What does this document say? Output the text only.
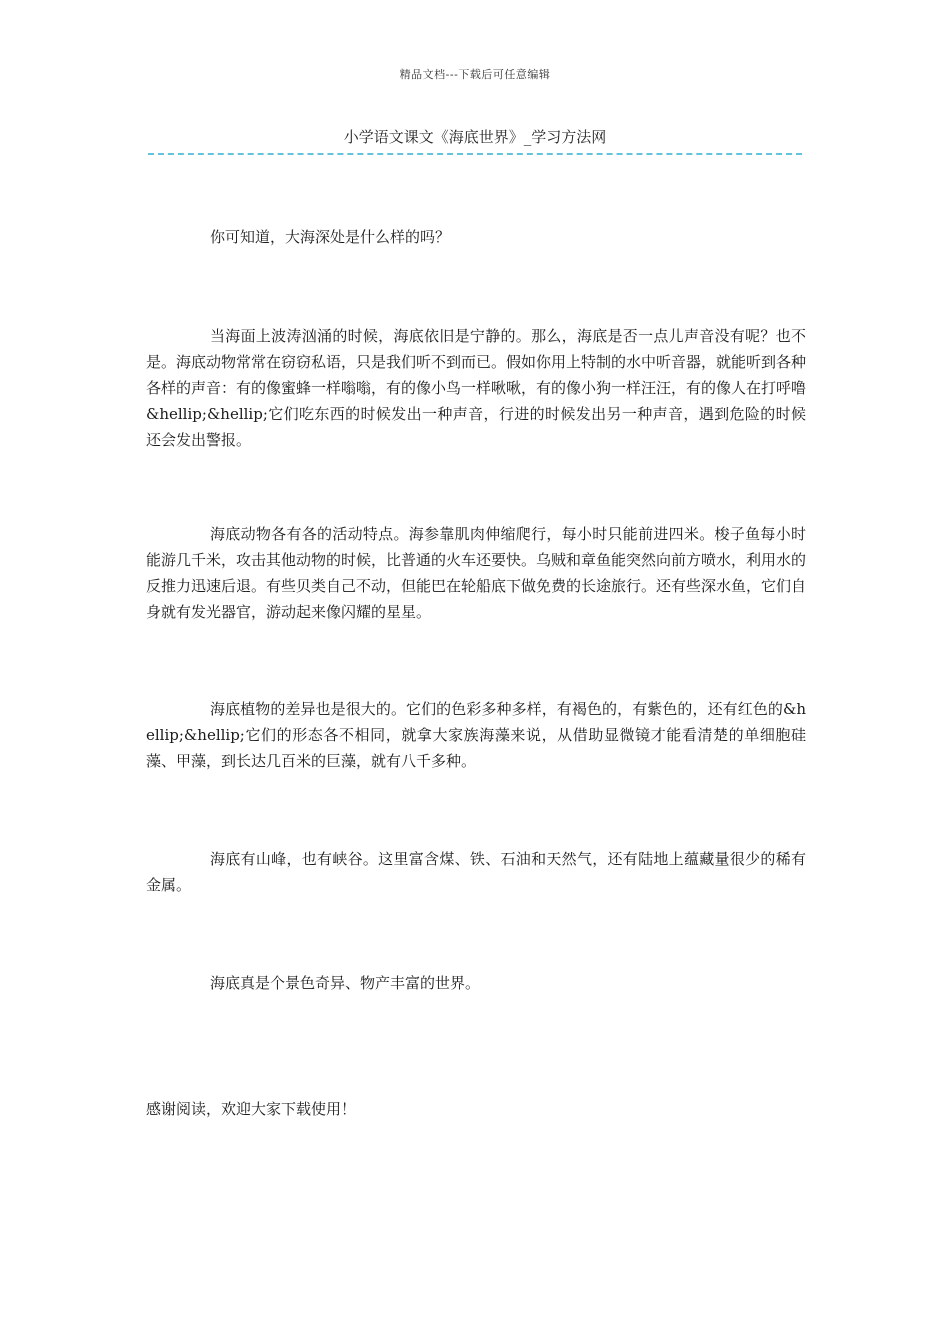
精品文档---下载后可任意编辑
小学语文课文《海底世界》_学习方法网

你可知道，大海深处是什么样的吗？

当海面上波涛汹涌的时候，海底依旧是宁静的。那么，海底是否一点儿声音没有呢？也不是。海底动物常常在窃窃私语，只是我们听不到而已。假如你用上特制的水中听音器，就能听到各种各样的声音：有的像蜜蜂一样嗡嗡，有的像小鸟一样啾啾，有的像小狗一样汪汪，有的像人在打呼噜&hellip;&hellip;它们吃东西的时候发出一种声音，行进的时候发出另一种声音，遇到危险的时候还会发出警报。

海底动物各有各的活动特点。海参靠肌肉伸缩爬行，每小时只能前进四米。梭子鱼每小时能游几千米，攻击其他动物的时候，比普通的火车还要快。乌贼和章鱼能突然向前方喷水，利用水的反推力迅速后退。有些贝类自己不动，但能巴在轮船底下做免费的长途旅行。还有些深水鱼，它们自身就有发光器官，游动起来像闪耀的星星。

海底植物的差异也是很大的。它们的色彩多种多样，有褐色的，有紫色的，还有红色的&hellip;&hellip;它们的形态各不相同，就拿大家族海藻来说，从借助显微镜才能看清楚的单细胞硅藻、甲藻，到长达几百米的巨藻，就有八千多种。

海底有山峰，也有峡谷。这里富含煤、铁、石油和天然气，还有陆地上蕴藏量很少的稀有金属。

海底真是个景色奇异、物产丰富的世界。

感谢阅读，欢迎大家下载使用！
